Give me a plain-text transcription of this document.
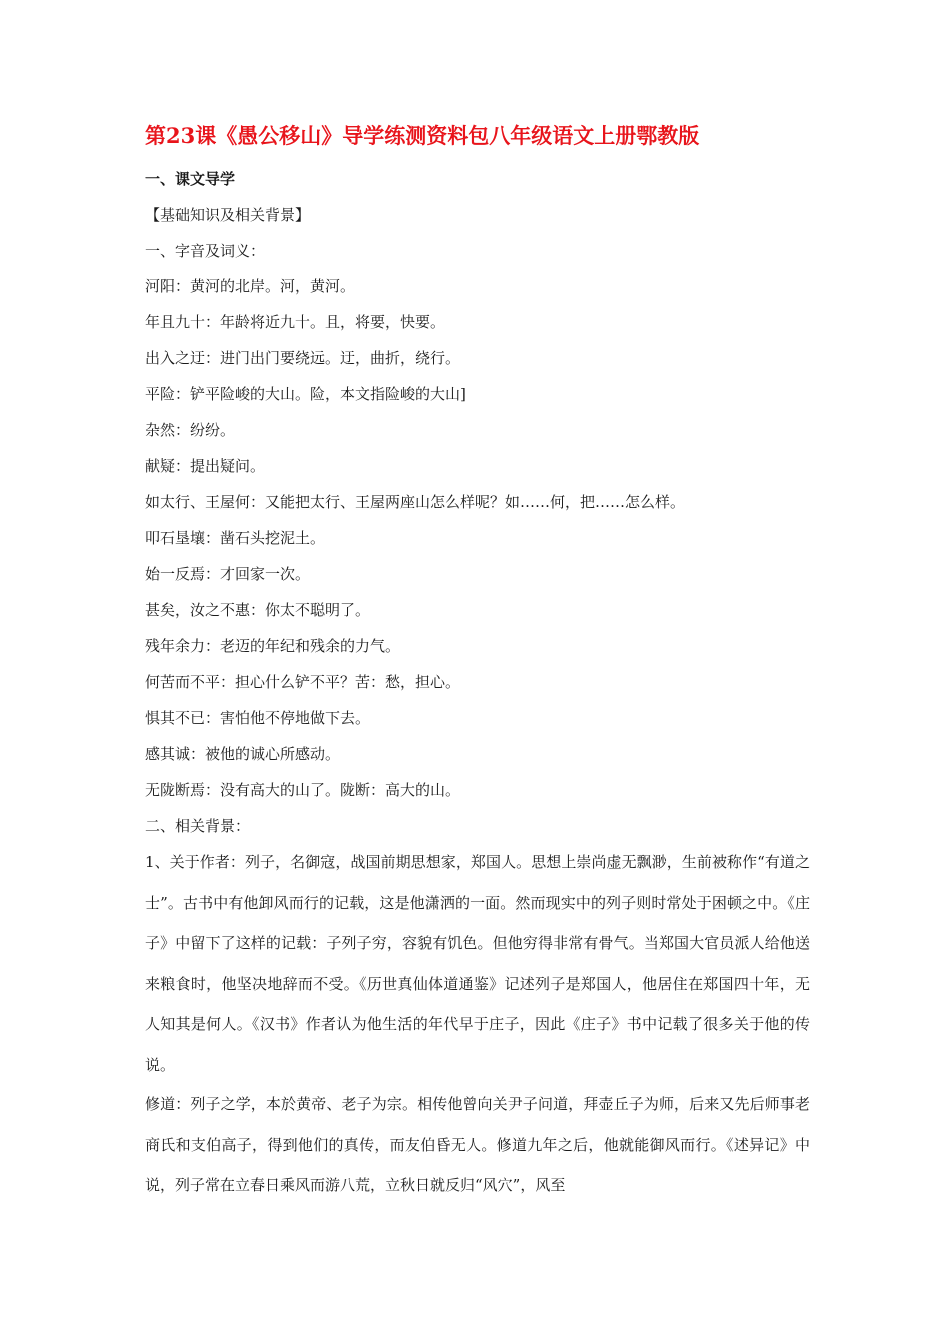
第23课《愚公移山》导学练测资料包八年级语文上册鄂教版
一、课文导学
【基础知识及相关背景】
一、字音及词义：
河阳：黄河的北岸。河，黄河。
年且九十：年龄将近九十。且，将要，快要。
出入之迂：进门出门要绕远。迂，曲折，绕行。
平险：铲平险峻的大山。险，本文指险峻的大山]
杂然：纷纷。
献疑：提出疑问。
如太行、王屋何：又能把太行、王屋两座山怎么样呢？如……何，把……怎么样。
叩石垦壤：凿石头挖泥土。
始一反焉：才回家一次。
甚矣，汝之不惠：你太不聪明了。
残年余力：老迈的年纪和残余的力气。
何苦而不平：担心什么铲不平？苦：愁，担心。
惧其不已：害怕他不停地做下去。
感其诚：被他的诚心所感动。
无陇断焉：没有高大的山了。陇断：高大的山。
二、相关背景：
1、关于作者：列子，名御寇，战国前期思想家，郑国人。思想上崇尚虚无飘渺，生前被称作“有道之士”。古书中有他卸风而行的记载，这是他潇洒的一面。然而现实中的列子则时常处于困顿之中。《庄子》中留下了这样的记载：子列子穷，容貌有饥色。但他穷得非常有骨气。当郑国大官员派人给他送来粮食时，他坚决地辞而不受。《历世真仙体道通鉴》记述列子是郑国人，他居住在郑国四十年，无人知其是何人。《汉书》作者认为他生活的年代早于庄子，因此《庄子》书中记载了很多关于他的传说。
修道：列子之学，本於黄帝、老子为宗。相传他曾向关尹子问道，拜壶丘子为师，后来又先后师事老商氏和支伯高子，得到他们的真传，而友伯昏无人。修道九年之后，他就能御风而行。《述异记》中说，列子常在立春日乘风而游八荒，立秋日就反归“风穴”，风至
